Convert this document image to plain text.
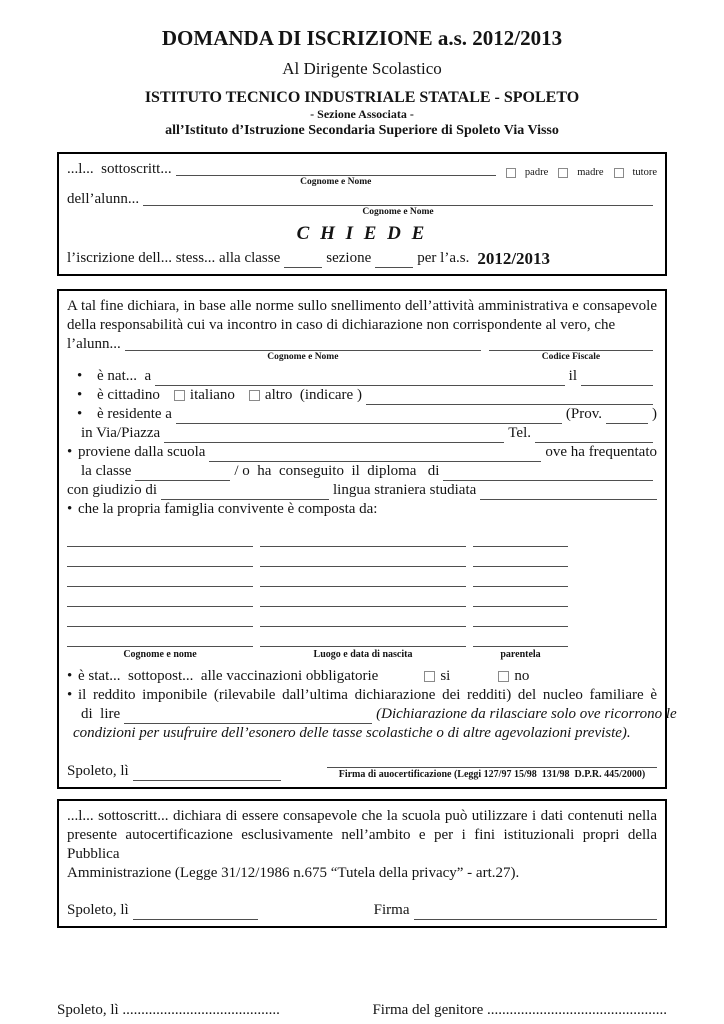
DOMANDA DI ISCRIZIONE a.s. 2012/2013
Al Dirigente Scolastico
ISTITUTO TECNICO INDUSTRIALE STATALE - SPOLETO
- Sezione Associata -
all’Istituto d’Istruzione Secondaria Superiore di Spoleto Via Visso
...l...  sottoscritt...
Cognome e Nome
padre	madre	tutore
dell’alunn...
Cognome e Nome
C H I E D E
l’iscrizione dell... stess... alla classe	sezione	per l’a.s. 2012/2013
A tal fine dichiara, in base alle norme sullo snellimento dell’attività amministrativa e consapevole
della responsabilità cui va incontro in caso di dichiarazione non corrispondente al vero, che
l’alunn...
Cognome e Nome	Codice Fiscale
• è nat...  a	il
• è cittadino italiano altro  (indicare )
• è residente a	(Prov.	)
in Via/Piazza	Tel.
• proviene dalla scuola	ove ha frequentato
la classe	/ o  ha  conseguito  il  diploma   di
con giudizio di	lingua straniera studiata
• che la propria famiglia convivente è composta da:
Cognome e nome	Luogo e data di nascita	parentela
• è stat...  sottopost...  alle vaccinazioni obbligatorie	si	no
• il reddito imponibile (rilevabile dall’ultima dichiarazione dei redditi) del nucleo familiare è
di  lire	(Dichiarazione da rilasciare solo ove ricorrono le
condizioni per usufruire dell’esonero delle tasse scolastiche o di altre agevolazioni previste).
Spoleto, lì	Firma di auocertificazione (Leggi 127/97 15/98  131/98  D.P.R. 445/2000)
...l... sottoscritt... dichiara di essere consapevole che la scuola può utilizzare i dati contenuti nella
presente autocertificazione esclusivamente nell’ambito e per i fini istituzionali propri della Pubblica
Amministrazione (Legge 31/12/1986 n.675 “Tutela della privacy” - art.27).
Spoleto, lì	Firma
Spoleto, lì ..........................................	Firma del genitore ................................................
